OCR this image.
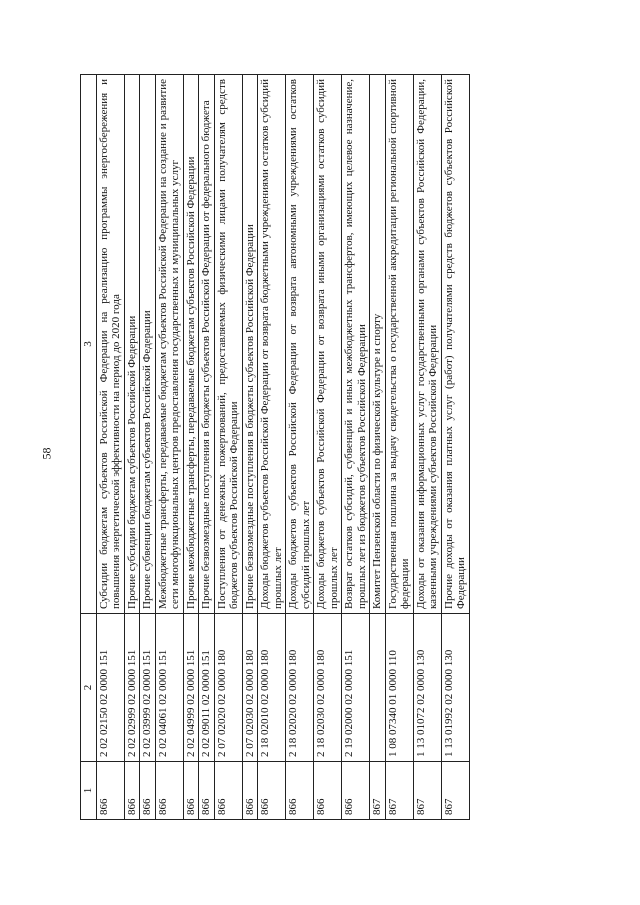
58
1	2	3
866	2 02 02150 02 0000 151	Субсидии бюджетам субъектов Российской Федерации на реализацию программы энергосбережения и повышения энергетической эффективности на период до 2020 года
866	2 02 02999 02 0000 151	Прочие субсидии бюджетам субъектов Российской Федерации
866	2 02 03999 02 0000 151	Прочие субвенции бюджетам субъектов Российской Федерации
866	2 02 04061 02 0000 151	Межбюджетные трансферты, передаваемые бюджетам субъектов Российской Федерации на создание и развитие сети многофункциональных центров предоставления государственных и муниципальных услуг
866	2 02 04999 02 0000 151	Прочие межбюджетные трансферты, передаваемые бюджетам субъектов Российской Федерации
866	2 02 09011 02 0000 151	Прочие безвозмездные поступления в бюджеты субъектов Российской Федерации от федерального бюджета
866	2 07 02020 02 0000 180	Поступления от денежных пожертвований, предоставляемых физическими лицами получателям средств бюджетов субъектов Российской Федерации
866	2 07 02030 02 0000 180	Прочие безвозмездные поступления в бюджеты субъектов Российской Федерации
866	2 18 02010 02 0000 180	Доходы бюджетов субъектов Российской Федерации от возврата бюджетными учреждениями остатков субсидий прошлых лет
866	2 18 02020 02 0000 180	Доходы бюджетов субъектов Российской Федерации от возврата автономными учреждениями остатков субсидий прошлых лет
866	2 18 02030 02 0000 180	Доходы бюджетов субъектов Российской Федерации от возврата иными организациями остатков субсидий прошлых лет
866	2 19 02000 02 0000 151	Возврат остатков субсидий, субвенций и иных межбюджетных трансфертов, имеющих целевое назначение, прошлых лет из бюджетов субъектов Российской Федерации
867		Комитет Пензенской области по физической культуре и спорту
867	1 08 07340 01 0000 110	Государственная пошлина за выдачу свидетельства о государственной аккредитации региональной спортивной федерации
867	1 13 01072 02 0000 130	Доходы от оказания информационных услуг государственными органами субъектов Российской Федерации, казенными учреждениями субъектов Российской Федерации
867	1 13 01992 02 0000 130	Прочие доходы от оказания платных услуг (работ) получателями средств бюджетов субъектов Российской Федерации
